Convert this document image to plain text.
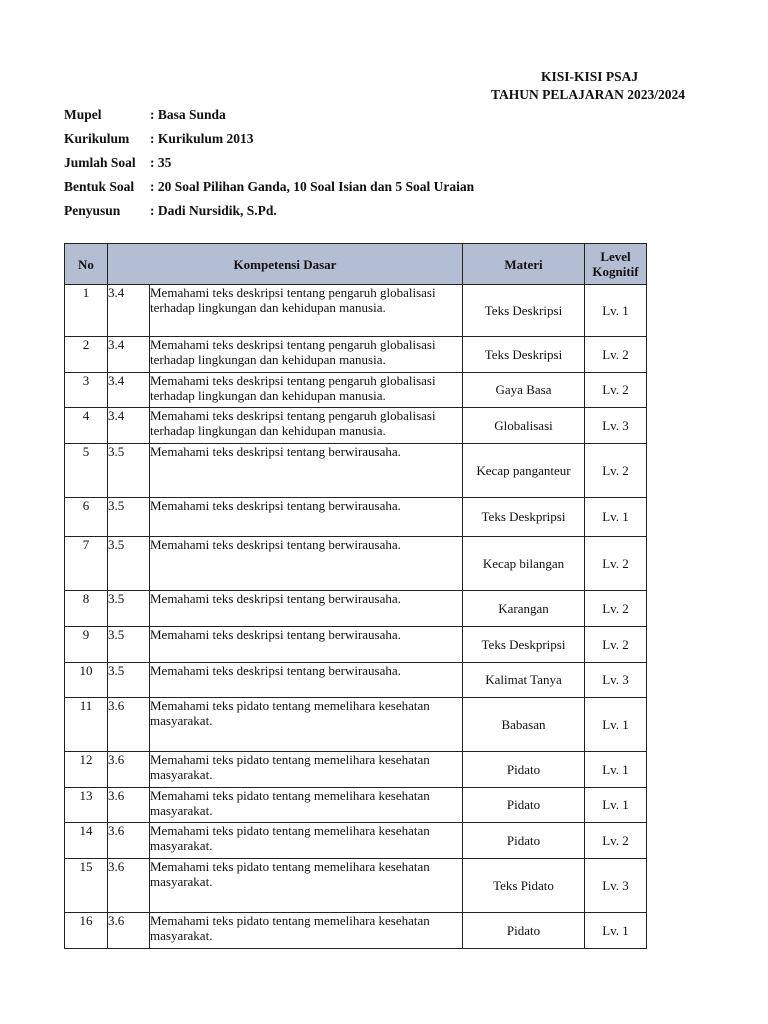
KISI-KISI PSAJ
TAHUN PELAJARAN 2023/2024
Mupel	: Basa Sunda
Kurikulum	: Kurikulum 2013
Jumlah Soal	: 35
Bentuk Soal	: 20 Soal Pilihan Ganda, 10 Soal Isian dan 5 Soal Uraian
Penyusun	: Dadi Nursidik, S.Pd.
No	Kompetensi Dasar		Materi	Level Kognitif
1	3.4	Memahami teks deskripsi tentang pengaruh globalisasi terhadap lingkungan dan kehidupan manusia.	Teks Deskripsi	Lv. 1
2	3.4	Memahami teks deskripsi tentang pengaruh globalisasi terhadap lingkungan dan kehidupan manusia.	Teks Deskripsi	Lv. 2
3	3.4	Memahami teks deskripsi tentang pengaruh globalisasi terhadap lingkungan dan kehidupan manusia.	Gaya Basa	Lv. 2
4	3.4	Memahami teks deskripsi tentang pengaruh globalisasi terhadap lingkungan dan kehidupan manusia.	Globalisasi	Lv. 3
5	3.5	Memahami teks deskripsi tentang berwirausaha.	Kecap panganteur	Lv. 2
6	3.5	Memahami teks deskripsi tentang berwirausaha.	Teks Deskpripsi	Lv. 1
7	3.5	Memahami teks deskripsi tentang berwirausaha.	Kecap bilangan	Lv. 2
8	3.5	Memahami teks deskripsi tentang berwirausaha.	Karangan	Lv. 2
9	3.5	Memahami teks deskripsi tentang berwirausaha.	Teks Deskpripsi	Lv. 2
10	3.5	Memahami teks deskripsi tentang berwirausaha.	Kalimat Tanya	Lv. 3
11	3.6	Memahami teks pidato tentang memelihara kesehatan masyarakat.	Babasan	Lv. 1
12	3.6	Memahami teks pidato tentang memelihara kesehatan masyarakat.	Pidato	Lv. 1
13	3.6	Memahami teks pidato tentang memelihara kesehatan masyarakat.	Pidato	Lv. 1
14	3.6	Memahami teks pidato tentang memelihara kesehatan masyarakat.	Pidato	Lv. 2
15	3.6	Memahami teks pidato tentang memelihara kesehatan masyarakat.	Teks Pidato	Lv. 3
16	3.6	Memahami teks pidato tentang memelihara kesehatan masyarakat.	Pidato	Lv. 1
